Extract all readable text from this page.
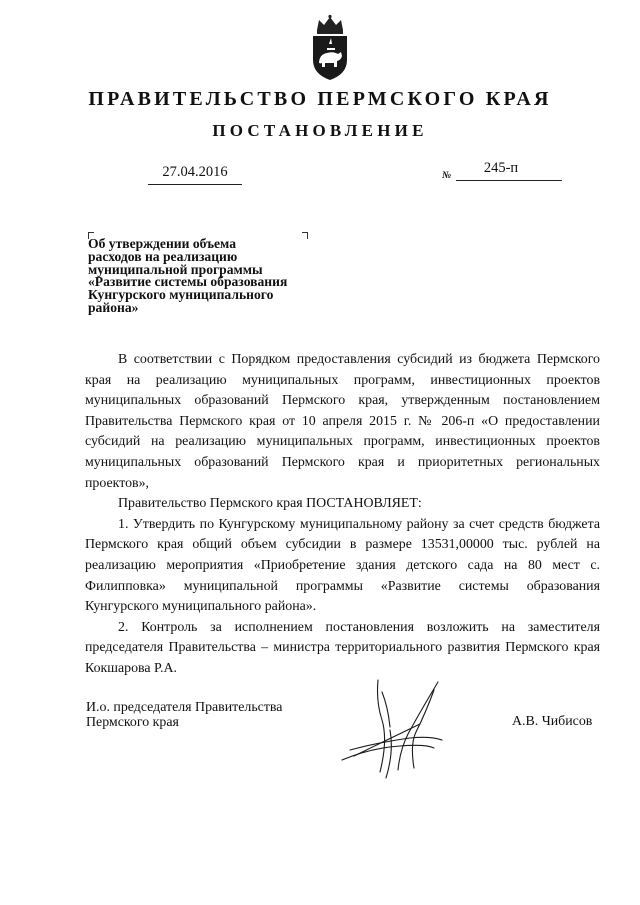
ПРАВИТЕЛЬСТВО ПЕРМСКОГО КРАЯ
ПОСТАНОВЛЕНИЕ
27.04.2016	№	245-п
Об утверждении объема
расходов на реализацию
муниципальной программы
«Развитие системы образования
Кунгурского муниципального
района»

В соответствии с Порядком предоставления субсидий из бюджета Пермского края на реализацию муниципальных программ, инвестиционных проектов муниципальных образований Пермского края, утвержденным постановлением Правительства Пермского края от 10 апреля 2015 г. № 206-п «О предоставлении субсидий на реализацию муниципальных программ, инвестиционных проектов муниципальных образований Пермского края и приоритетных региональных проектов»,

Правительство Пермского края ПОСТАНОВЛЯЕТ:

1. Утвердить по Кунгурскому муниципальному району за счет средств бюджета Пермского края общий объем субсидии в размере 13531,00000 тыс. рублей на реализацию мероприятия «Приобретение здания детского сада на 80 мест с. Филипповка» муниципальной программы «Развитие системы образования Кунгурского муниципального района».

2. Контроль за исполнением постановления возложить на заместителя председателя Правительства – министра территориального развития Пермского края Кокшарова Р.А.

И.о. председателя Правительства
Пермского края	А.В. Чибисов
